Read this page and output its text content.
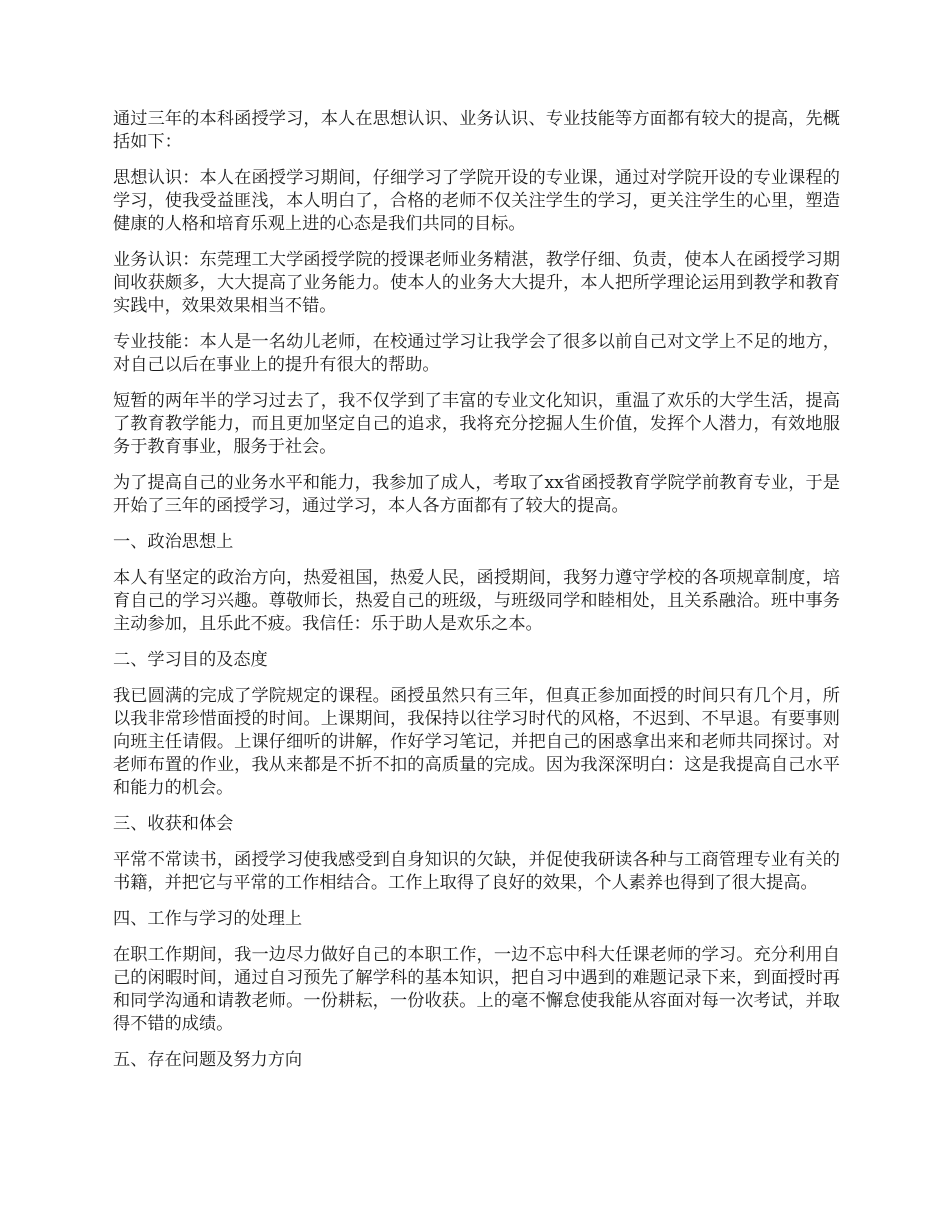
通过三年的本科函授学习，本人在思想认识、业务认识、专业技能等方面都有较大的提高，先概括如下：

思想认识：本人在函授学习期间，仔细学习了学院开设的专业课，通过对学院开设的专业课程的学习，使我受益匪浅，本人明白了，合格的老师不仅关注学生的学习，更关注学生的心里，塑造健康的人格和培育乐观上进的心态是我们共同的目标。

业务认识：东莞理工大学函授学院的授课老师业务精湛，教学仔细、负责，使本人在函授学习期间收获颇多，大大提高了业务能力。使本人的业务大大提升，本人把所学理论运用到教学和教育实践中，效果效果相当不错。

专业技能：本人是一名幼儿老师，在校通过学习让我学会了很多以前自己对文学上不足的地方，对自己以后在事业上的提升有很大的帮助。

短暂的两年半的学习过去了，我不仅学到了丰富的专业文化知识，重温了欢乐的大学生活，提高了教育教学能力，而且更加坚定自己的追求，我将充分挖掘人生价值，发挥个人潜力，有效地服务于教育事业，服务于社会。

为了提高自己的业务水平和能力，我参加了成人，考取了xx省函授教育学院学前教育专业，于是开始了三年的函授学习，通过学习，本人各方面都有了较大的提高。

一、政治思想上

本人有坚定的政治方向，热爱祖国，热爱人民，函授期间，我努力遵守学校的各项规章制度，培育自己的学习兴趣。尊敬师长，热爱自己的班级，与班级同学和睦相处，且关系融洽。班中事务主动参加，且乐此不疲。我信任：乐于助人是欢乐之本。

二、学习目的及态度

我已圆满的完成了学院规定的课程。函授虽然只有三年，但真正参加面授的时间只有几个月，所以我非常珍惜面授的时间。上课期间，我保持以往学习时代的风格，不迟到、不早退。有要事则向班主任请假。上课仔细听的讲解，作好学习笔记，并把自己的困惑拿出来和老师共同探讨。对老师布置的作业，我从来都是不折不扣的高质量的完成。因为我深深明白：这是我提高自己水平和能力的机会。

三、收获和体会

平常不常读书，函授学习使我感受到自身知识的欠缺，并促使我研读各种与工商管理专业有关的书籍，并把它与平常的工作相结合。工作上取得了良好的效果，个人素养也得到了很大提高。

四、工作与学习的处理上

在职工作期间，我一边尽力做好自己的本职工作，一边不忘中科大任课老师的学习。充分利用自己的闲暇时间，通过自习预先了解学科的基本知识，把自习中遇到的难题记录下来，到面授时再和同学沟通和请教老师。一份耕耘，一份收获。上的毫不懈怠使我能从容面对每一次考试，并取得不错的成绩。

五、存在问题及努力方向
